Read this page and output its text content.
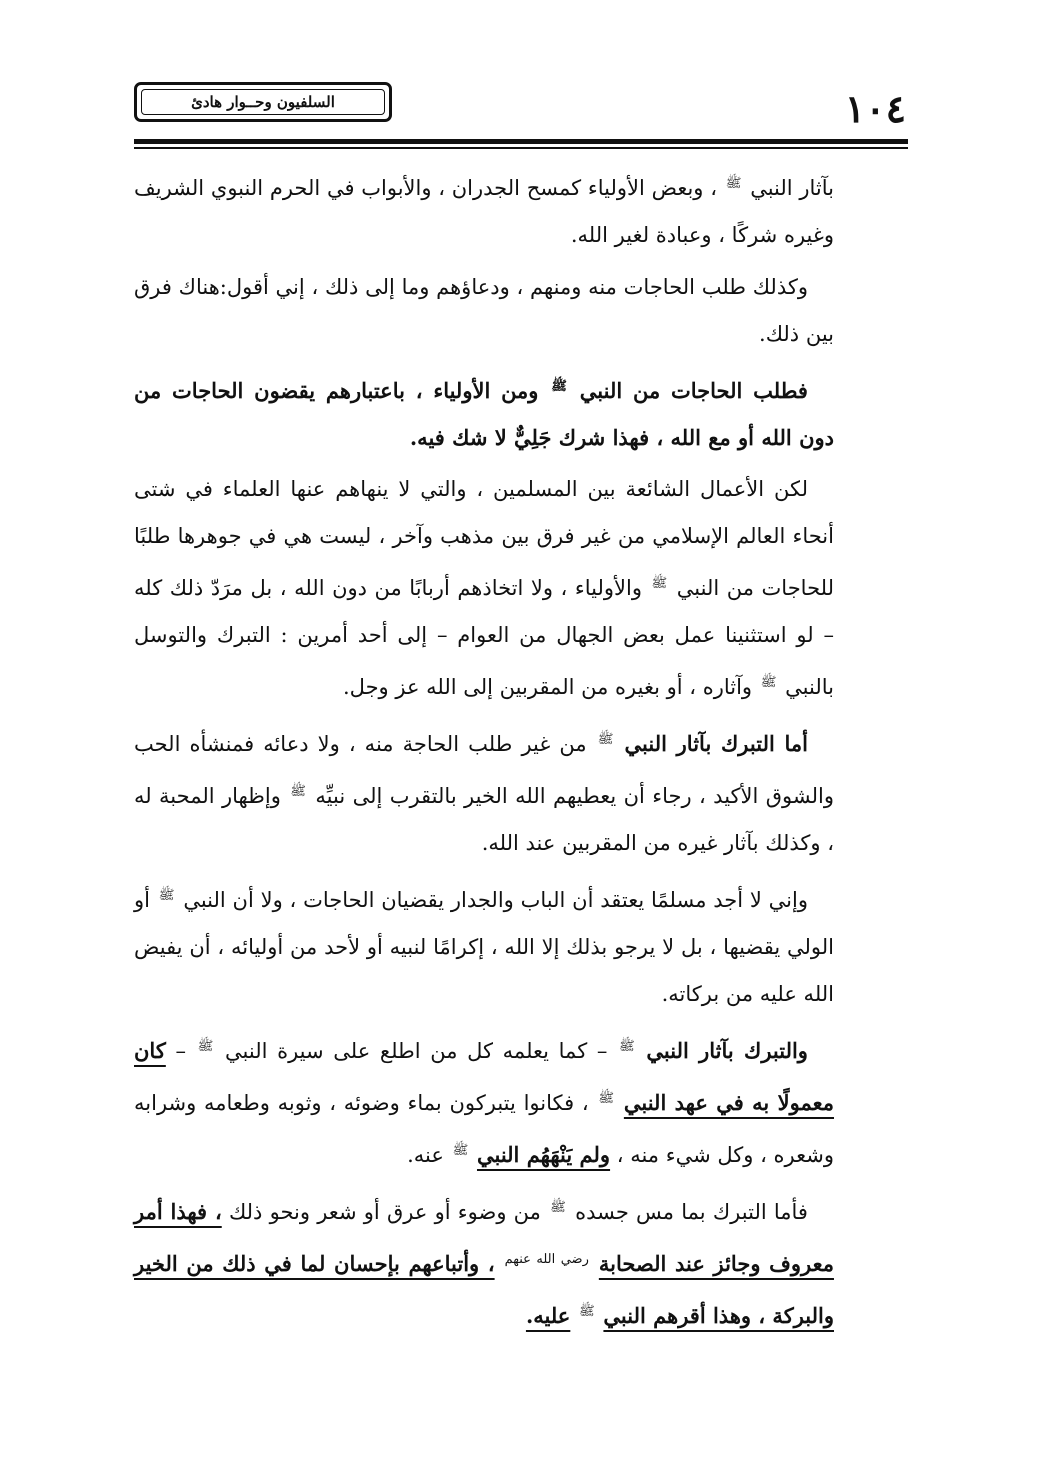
١٠٤
السلفيون وحــوار هادئ

بآثار النبي $^ﷺ$ ، وبعض الأولياء كمسح الجدران ، والأبواب في الحرم النبوي الشريف وغيره شركًا ، وعبادة لغير الله.

وكذلك طلب الحاجات منه ومنهم ، ودعاؤهم وما إلى ذلك ، إني أقول:هناك فرق بين ذلك.

فطلب الحاجات من النبي $^ﷺ$ ومن الأولياء ، باعتبارهم يقضون الحاجات من دون الله أو مع الله ، فهذا شرك جَلِيٌّ لا شك فيه.

لكن الأعمال الشائعة بين المسلمين ، والتي لا ينهاهم عنها العلماء في شتى أنحاء العالم الإسلامي من غير فرق بين مذهب وآخر ، ليست هي في جوهرها طلبًا للحاجات من النبي $^ﷺ$ والأولياء ، ولا اتخاذهم أربابًا من دون الله ، بل مرَدّ ذلك كله – لو استثنينا عمل بعض الجهال من العوام – إلى أحد أمرين : التبرك والتوسل بالنبي $^ﷺ$ وآثاره ، أو بغيره من المقربين إلى الله عز وجل.

أما التبرك بآثار النبي $^ﷺ$ من غير طلب الحاجة منه ، ولا دعائه فمنشأه الحب والشوق الأكيد ، رجاء أن يعطيهم الله الخير بالتقرب إلى نبيِّه $^ﷺ$ وإظهار المحبة له ، وكذلك بآثار غيره من المقربين عند الله.

وإني لا أجد مسلمًا يعتقد أن الباب والجدار يقضيان الحاجات ، ولا أن النبي $^ﷺ$ أو الولي يقضيها ، بل لا يرجو بذلك إلا الله ، إكرامًا لنبيه أو لأحد من أوليائه ، أن يفيض الله عليه من بركاته.

والتبرك بآثار النبي $^ﷺ$ – كما يعلمه كل من اطلع على سيرة النبي $^ﷺ$ – كان معمولًا به في عهد النبي $^ﷺ$ ، فكانوا يتبركون بماء وضوئه ، وثوبه وطعامه وشرابه وشعره ، وكل شيء منه ، ولم يَنْهَهُم النبي $^ﷺ$ عنه.

فأما التبرك بما مس جسده $^ﷺ$ من وضوء أو عرق أو شعر ونحو ذلك ، فهذا أمر معروف وجائز عند الصحابة $^{رضي الله عنهم}$ ، وأتباعهم بإحسان لما في ذلك من الخير والبركة ، وهذا أقرهم النبي $^ﷺ$ عليه.
